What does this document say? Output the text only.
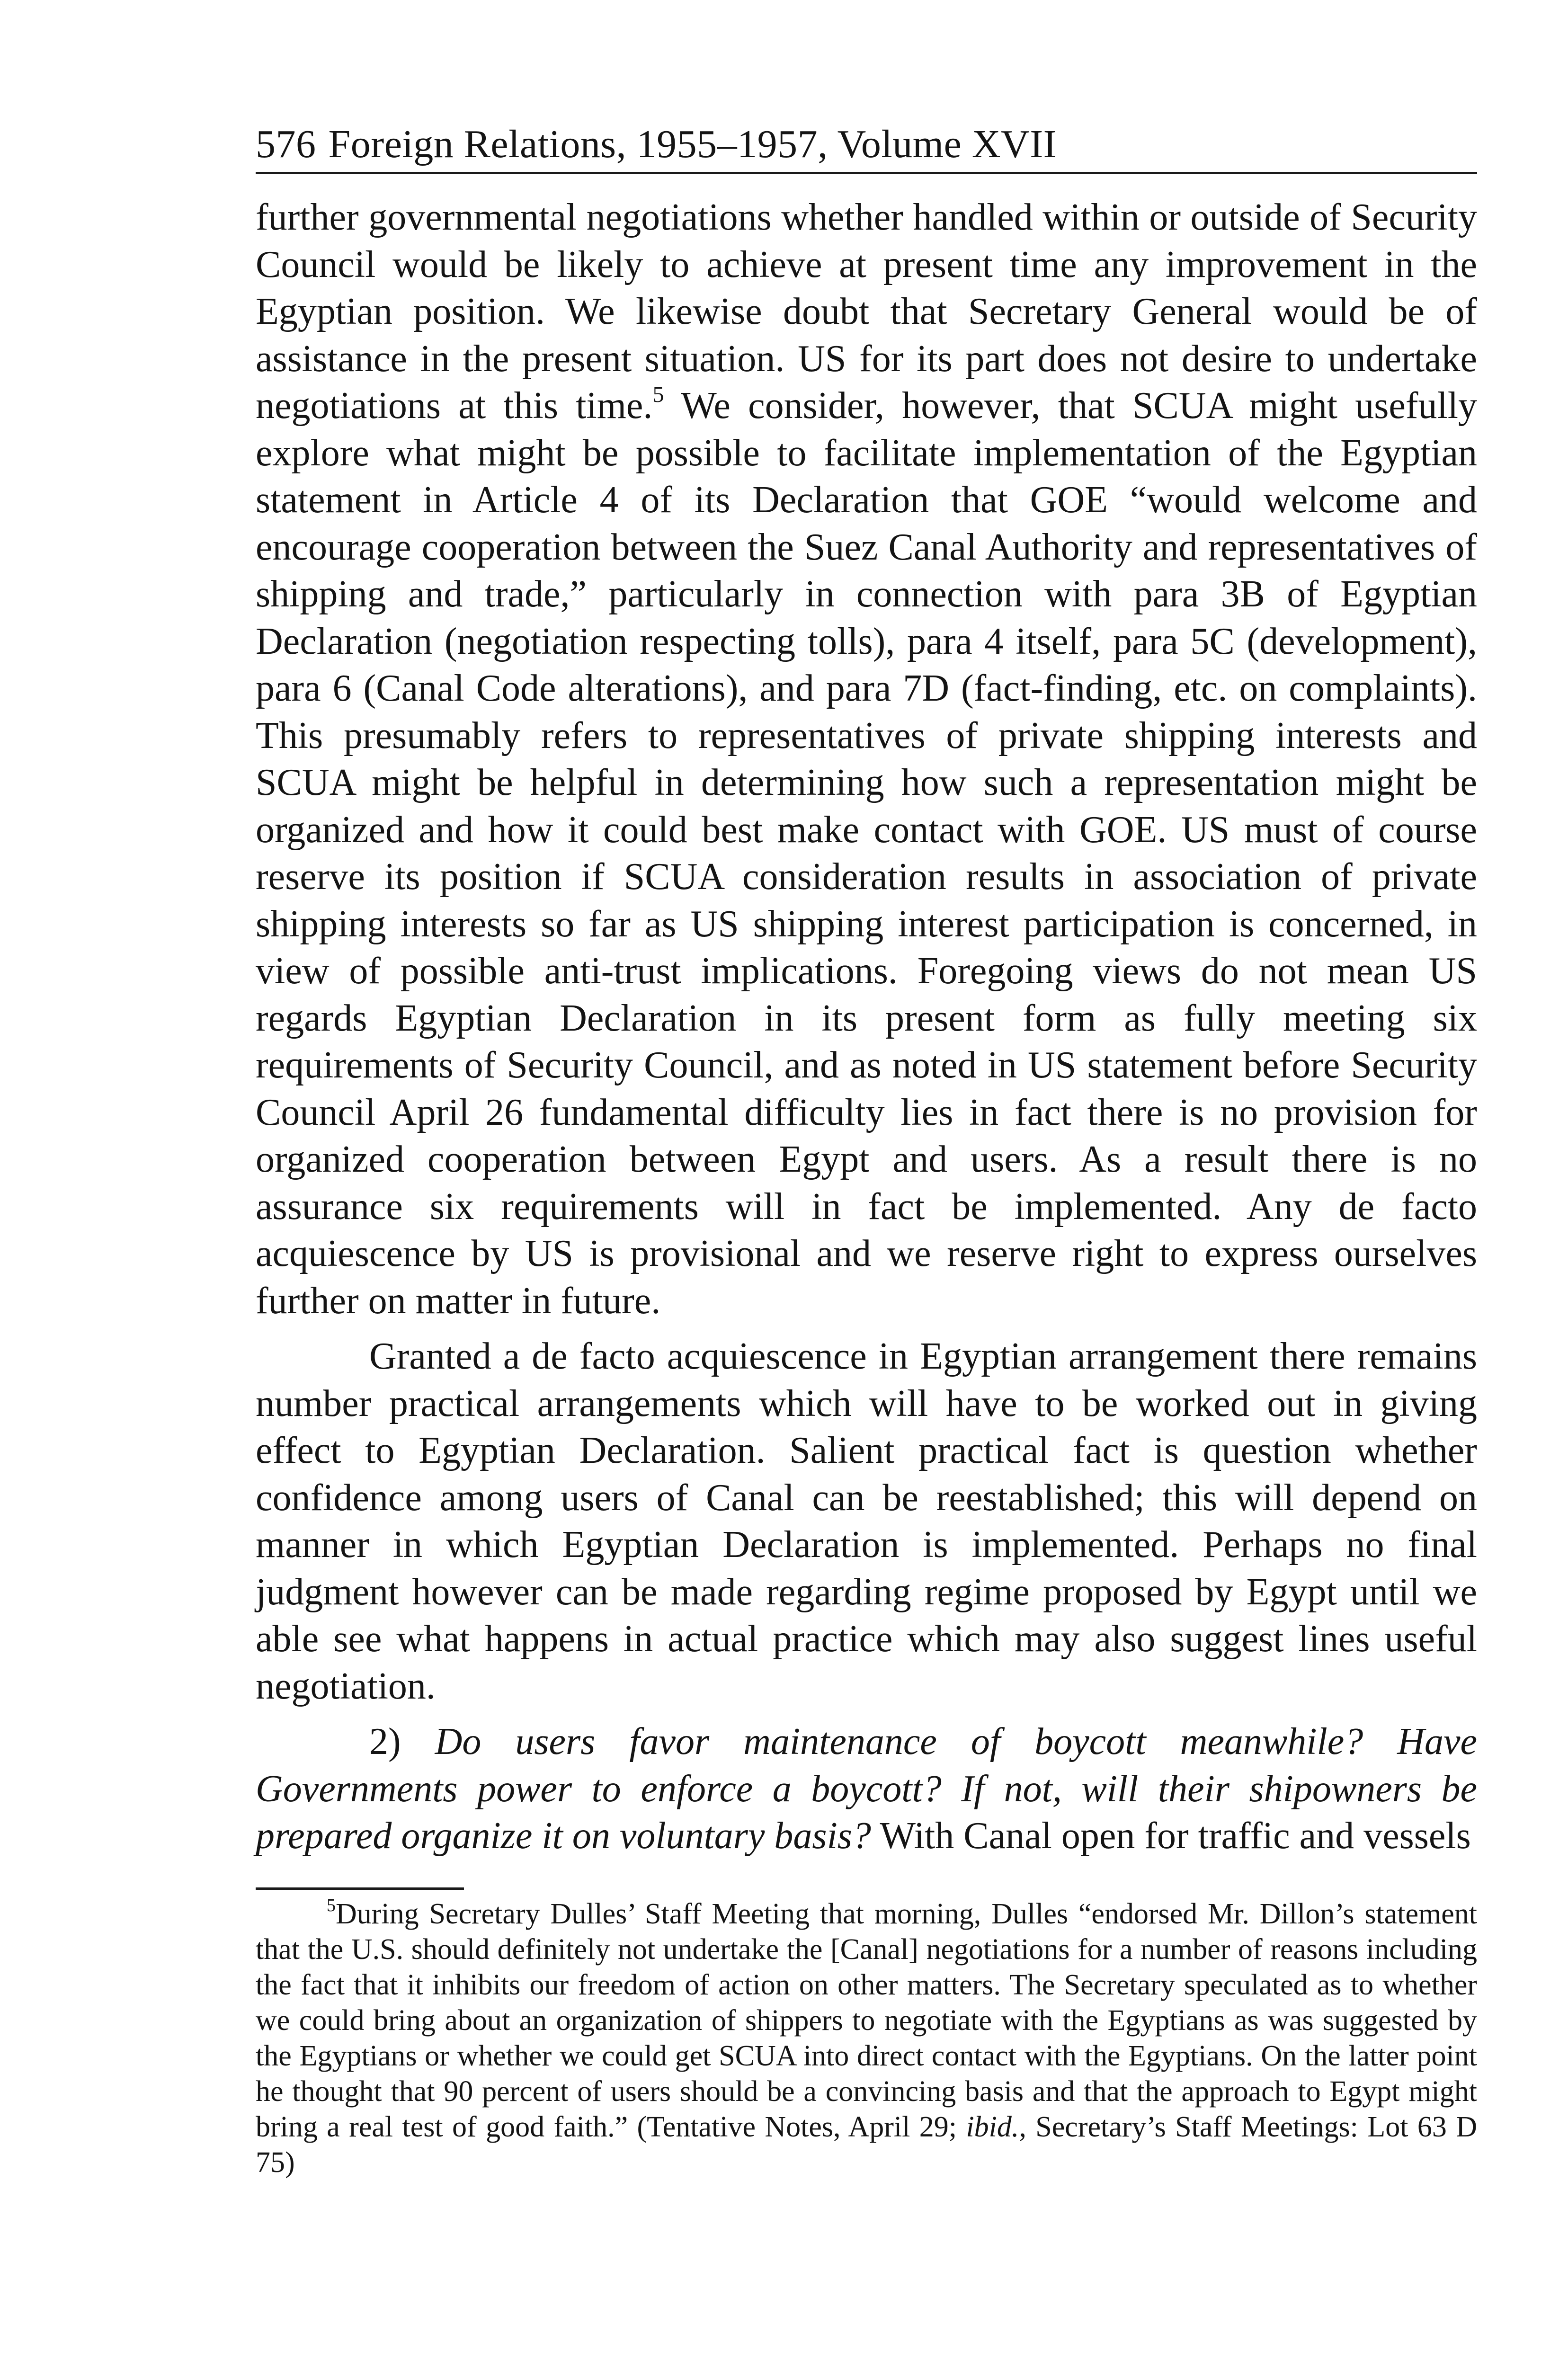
576 Foreign Relations, 1955–1957, Volume XVII

further governmental negotiations whether handled within or outside of Security Council would be likely to achieve at present time any improvement in the Egyptian position. We likewise doubt that Secretary General would be of assistance in the present situation. US for its part does not desire to undertake negotiations at this time.$^5$ We consider, however, that SCUA might usefully explore what might be possible to facilitate implementation of the Egyptian statement in Article 4 of its Declaration that GOE “would welcome and encourage cooperation between the Suez Canal Authority and representatives of shipping and trade,” particularly in connection with para 3B of Egyptian Declaration (negotiation respecting tolls), para 4 itself, para 5C (development), para 6 (Canal Code alterations), and para 7D (fact-finding, etc. on complaints). This presumably refers to representatives of private shipping interests and SCUA might be helpful in determining how such a representation might be organized and how it could best make contact with GOE. US must of course reserve its position if SCUA consideration results in association of private shipping interests so far as US shipping interest participation is concerned, in view of possible anti-trust implications. Foregoing views do not mean US regards Egyptian Declaration in its present form as fully meeting six requirements of Security Council, and as noted in US statement before Security Council April 26 fundamental difficulty lies in fact there is no provision for organized cooperation between Egypt and users. As a result there is no assurance six requirements will in fact be implemented. Any de facto acquiescence by US is provisional and we reserve right to express ourselves further on matter in future.

Granted a de facto acquiescence in Egyptian arrangement there remains number practical arrangements which will have to be worked out in giving effect to Egyptian Declaration. Salient practical fact is question whether confidence among users of Canal can be reestablished; this will depend on manner in which Egyptian Declaration is implemented. Perhaps no final judgment however can be made regarding regime proposed by Egypt until we able see what happens in actual practice which may also suggest lines useful negotiation.

2) Do users favor maintenance of boycott meanwhile? Have Governments power to enforce a boycott? If not, will their shipowners be prepared organize it on voluntary basis? With Canal open for traffic and vessels

$^5$During Secretary Dulles’ Staff Meeting that morning, Dulles “endorsed Mr. Dillon’s statement that the U.S. should definitely not undertake the [Canal] negotiations for a number of reasons including the fact that it inhibits our freedom of action on other matters. The Secretary speculated as to whether we could bring about an organization of shippers to negotiate with the Egyptians as was suggested by the Egyptians or whether we could get SCUA into direct contact with the Egyptians. On the latter point he thought that 90 percent of users should be a convincing basis and that the approach to Egypt might bring a real test of good faith.” (Tentative Notes, April 29; ibid., Secretary’s Staff Meetings: Lot 63 D 75)
